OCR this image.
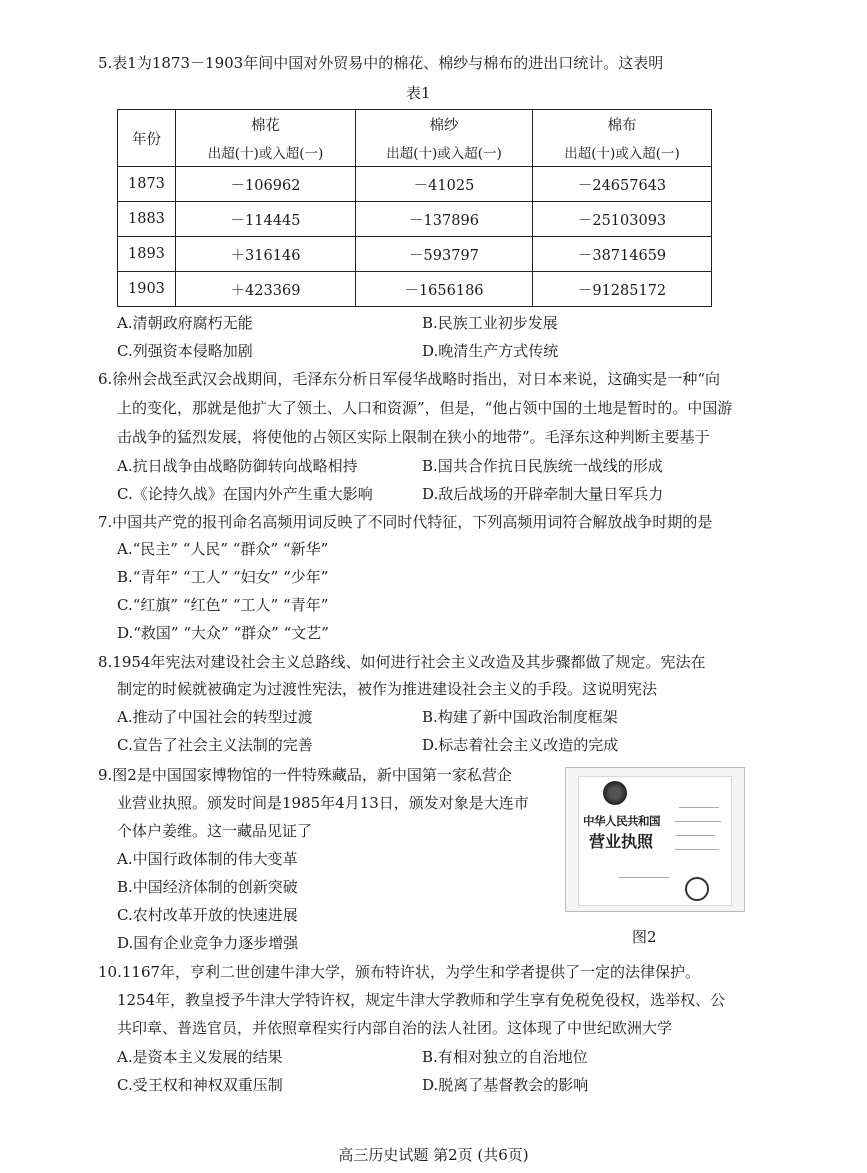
5.表1为1873－1903年间中国对外贸易中的棉花、棉纱与棉布的进出口统计。这表明
表1
年份	棉花	棉纱	棉布
	出超(十)或入超(一)	出超(十)或入超(一)	出超(十)或入超(一)
1873	－106962	－41025	－24657643
1883	－114445	－137896	－25103093
1893	＋316146	－593797	－38714659
1903	＋423369	－1656186	－91285172
A.清朝政府腐朽无能	B.民族工业初步发展
C.列强资本侵略加剧	D.晚清生产方式传统
6.徐州会战至武汉会战期间，毛泽东分析日军侵华战略时指出，对日本来说，这确实是一种“向
上的变化，那就是他扩大了领土、人口和资源”，但是，“他占领中国的土地是暂时的。中国游
击战争的猛烈发展，将使他的占领区实际上限制在狭小的地带”。毛泽东这种判断主要基于
A.抗日战争由战略防御转向战略相持	B.国共合作抗日民族统一战线的形成
C.《论持久战》在国内外产生重大影响	D.敌后战场的开辟牵制大量日军兵力
7.中国共产党的报刊命名高频用词反映了不同时代特征，下列高频用词符合解放战争时期的是
A.“民主” “人民” “群众” “新华”
B.“青年” “工人” “妇女” “少年”
C.“红旗” “红色” “工人” “青年”
D.“救国” “大众” “群众” “文艺”
8.1954年宪法对建设社会主义总路线、如何进行社会主义改造及其步骤都做了规定。宪法在
制定的时候就被确定为过渡性宪法，被作为推进建设社会主义的手段。这说明宪法
A.推动了中国社会的转型过渡	B.构建了新中国政治制度框架
C.宣告了社会主义法制的完善	D.标志着社会主义改造的完成
9.图2是中国国家博物馆的一件特殊藏品，新中国第一家私营企
业营业执照。颁发时间是1985年4月13日，颁发对象是大连市
个体户姜维。这一藏品见证了
A.中国行政体制的伟大变革
B.中国经济体制的创新突破
C.农村改革开放的快速进展
D.国有企业竞争力逐步增强
中华人民共和国
营业执照
图2
10.1167年，亨利二世创建牛津大学，颁布特许状，为学生和学者提供了一定的法律保护。
1254年，教皇授予牛津大学特许权，规定牛津大学教师和学生享有免税免役权，选举权、公
共印章、普选官员，并依照章程实行内部自治的法人社团。这体现了中世纪欧洲大学
A.是资本主义发展的结果	B.有相对独立的自治地位
C.受王权和神权双重压制	D.脱离了基督教会的影响
高三历史试题 第2页 (共6页)
